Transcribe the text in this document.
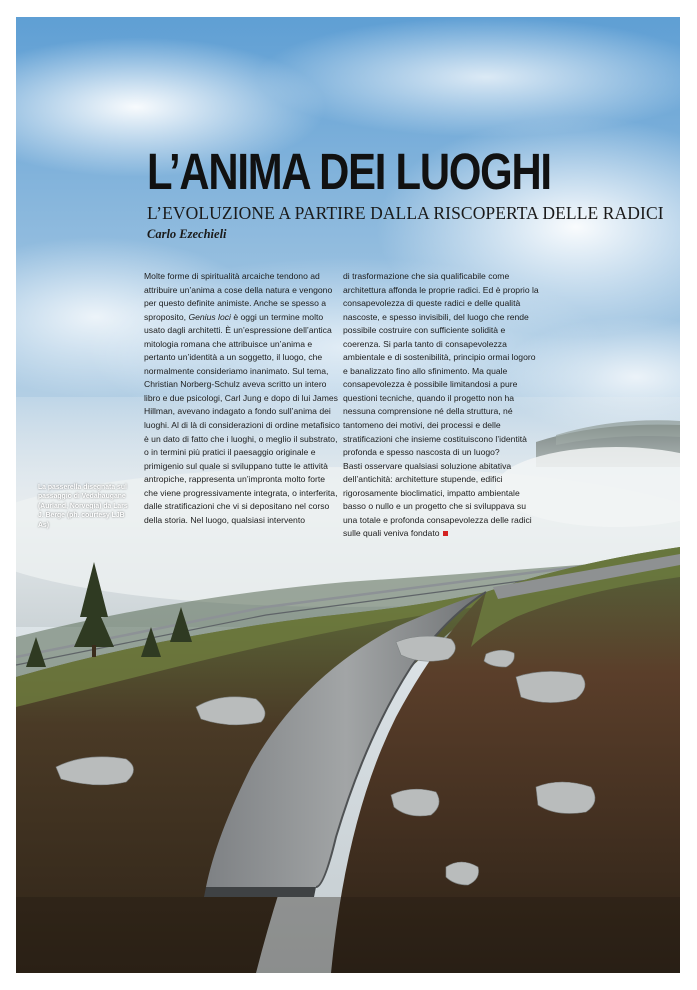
L’ANIMA DEI LUOGHI
L’EVOLUZIONE A PARTIRE DALLA RISCOPERTA DELLE RADICI
Carlo Ezechieli

Molte forme di spiritualità arcaiche tendono ad attribuire un’anima a cose della natura e vengono per questo definite animiste. Anche se spesso a sproposito, Genius loci è oggi un termine molto usato dagli architetti. È un’espressione dell’antica mitologia romana che attribuisce un’anima e pertanto un’identità a un soggetto, il luogo, che normalmente consideriamo inanimato. Sul tema, Christian Norberg-Schulz aveva scritto un intero libro e due psicologi, Carl Jung e dopo di lui James Hillman, avevano indagato a fondo sull’anima dei luoghi. Al di là di considerazioni di ordine metafisico è un dato di fatto che i luoghi, o meglio il substrato, o in termini più pratici il paesaggio originale e primigenio sul quale si sviluppano tutte le attività antropiche, rappresenta un’impronta molto forte che viene progressivamente integrata, o interferita, dalle stratificazioni che vi si depositano nel corso della storia. Nel luogo, qualsiasi intervento

di trasformazione che sia qualificabile come architettura affonda le proprie radici. Ed è proprio la consapevolezza di queste radici e delle qualità nascoste, e spesso invisibili, del luogo che rende possibile costruire con sufficiente solidità e coerenza. Si parla tanto di consapevolezza ambientale e di sostenibilità, principio ormai logoro e banalizzato fino allo sfinimento. Ma quale consapevolezza è possibile limitandosi a pure questioni tecniche, quando il progetto non ha nessuna comprensione né della struttura, né tantomeno dei motivi, dei processi e delle stratificazioni che insieme costituiscono l’identità profonda e spesso nascosta di un luogo?

Basti osservare qualsiasi soluzione abitativa dell’antichità: architetture stupende, edifici rigorosamente bioclimatici, impatto ambientale basso o nullo e un progetto che si sviluppava su una totale e profonda consapevolezza delle radici sulle quali veniva fondato

La passerella disegnata sul passaggio di Vedahaugane (Aurland, Norvegia) da Lars J. Berge (ph. courtesy LJB As)
